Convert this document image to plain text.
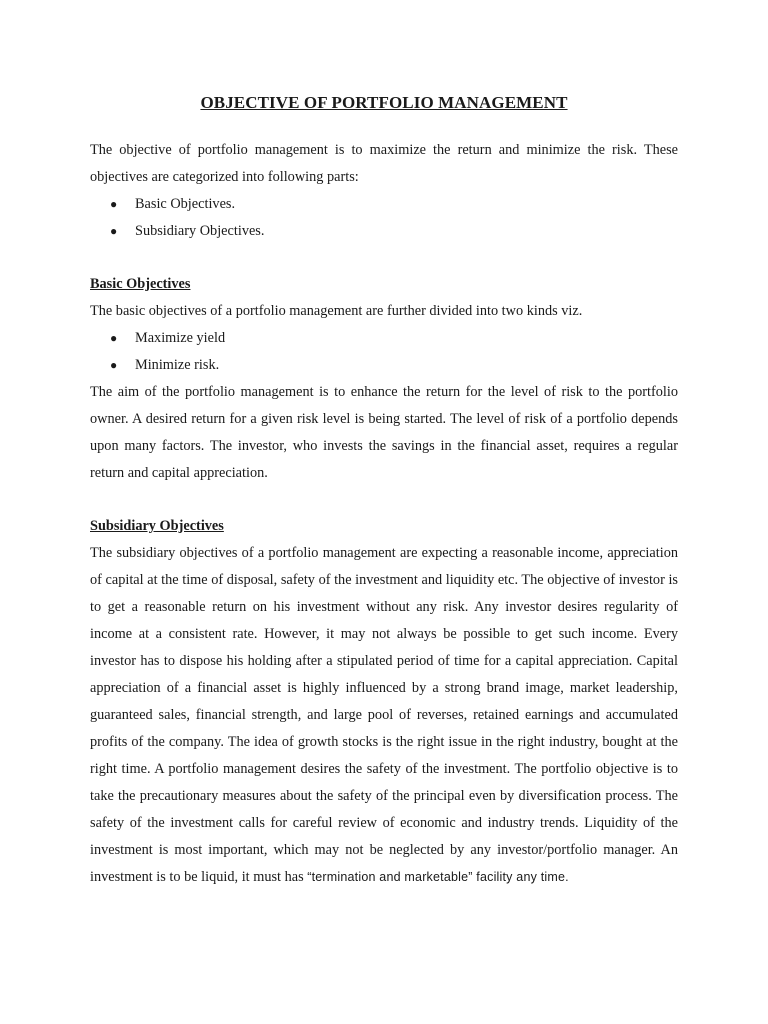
OBJECTIVE OF PORTFOLIO MANAGEMENT

The objective of portfolio management is to maximize the return and minimize the risk. These objectives are categorized into following parts:

● Basic Objectives.
● Subsidiary Objectives.
Basic Objectives

The basic objectives of a portfolio management are further divided into two kinds viz.

● Maximize yield
● Minimize risk.

The aim of the portfolio management is to enhance the return for the level of risk to the portfolio owner. A desired return for a given risk level is being started. The level of risk of a portfolio depends upon many factors. The investor, who invests the savings in the financial asset, requires a regular return and capital appreciation.

Subsidiary Objectives

The subsidiary objectives of a portfolio management are expecting a reasonable income, appreciation of capital at the time of disposal, safety of the investment and liquidity etc. The objective of investor is to get a reasonable return on his investment without any risk. Any investor desires regularity of income at a consistent rate. However, it may not always be possible to get such income. Every investor has to dispose his holding after a stipulated period of time for a capital appreciation. Capital appreciation of a financial asset is highly influenced by a strong brand image, market leadership, guaranteed sales, financial strength, and large pool of reverses, retained earnings and accumulated profits of the company. The idea of growth stocks is the right issue in the right industry, bought at the right time. A portfolio management desires the safety of the investment. The portfolio objective is to take the precautionary measures about the safety of the principal even by diversification process. The safety of the investment calls for careful review of economic and industry trends. Liquidity of the investment is most important, which may not be neglected by any investor/portfolio manager. An investment is to be liquid, it must has “termination and marketable” facility any time.
